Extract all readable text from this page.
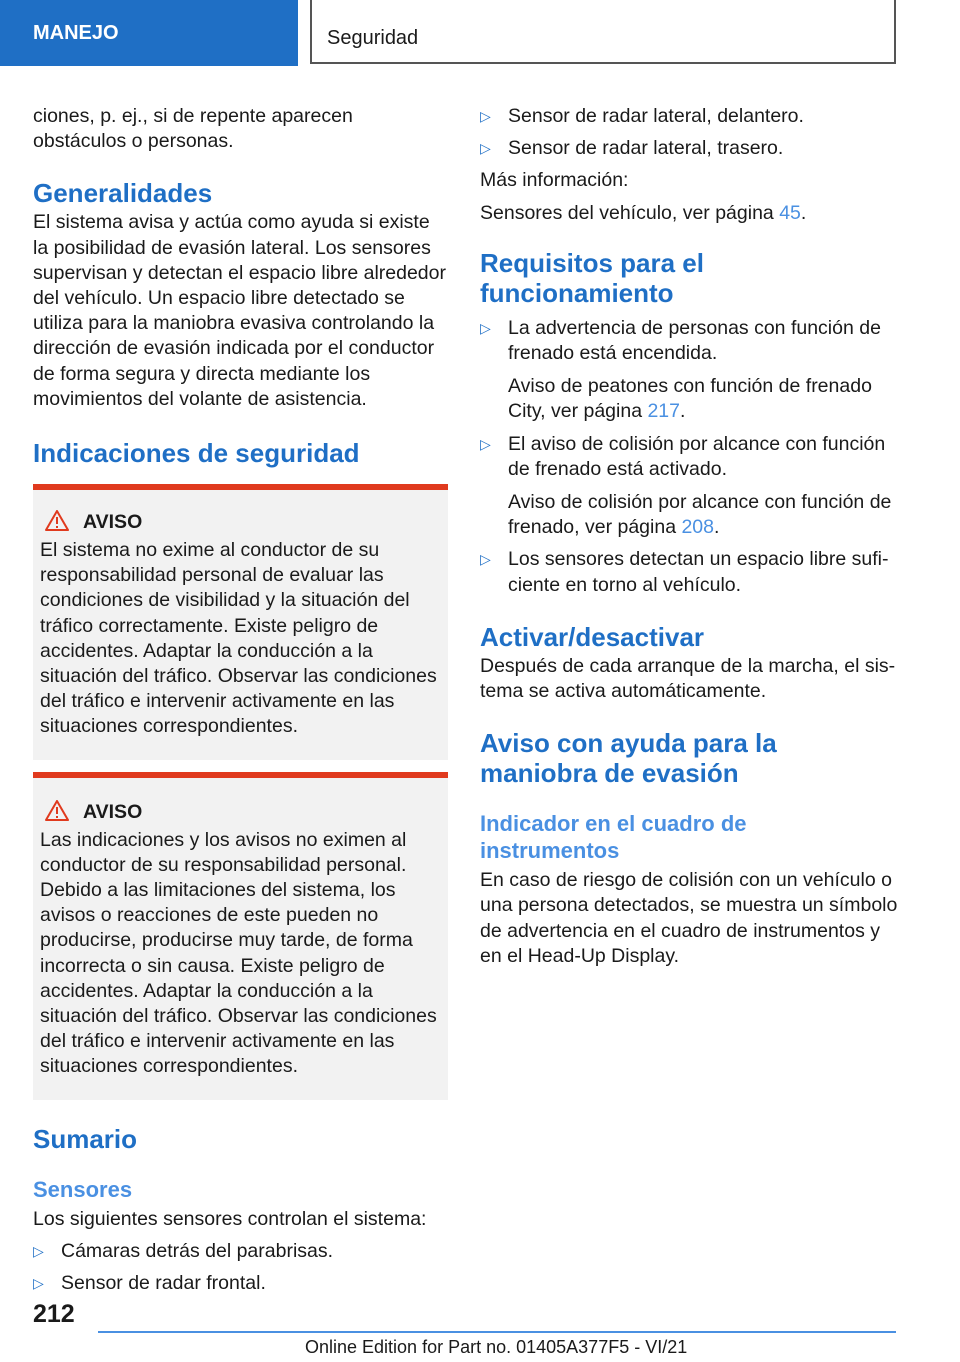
MANEJO	Seguridad

ciones, p. ej., si de repente aparecen obstáculos o personas.

Generalidades

El sistema avisa y actúa como ayuda si existe la posibilidad de evasión lateral. Los sensores supervisan y detectan el espacio libre alrededor del vehículo. Un espacio libre detectado se utiliza para la maniobra evasiva controlando la dirección de evasión indicada por el conductor de forma segura y directa mediante los movimientos del volante de asistencia.

Indicaciones de seguridad
AVISO

El sistema no exime al conductor de su responsabilidad personal de evaluar las condiciones de visibilidad y la situación del tráfico correctamente. Existe peligro de accidentes. Adaptar la conducción a la situación del tráfico. Observar las condiciones del tráfico e intervenir activamente en las situaciones correspondientes.

AVISO

Las indicaciones y los avisos no eximen al conductor de su responsabilidad personal. Debido a las limitaciones del sistema, los avisos o reacciones de este pueden no producirse, producirse muy tarde, de forma incorrecta o sin causa. Existe peligro de accidentes. Adaptar la conducción a la situación del tráfico. Observar las condiciones del tráfico e intervenir activamente en las situaciones correspondientes.

Sumario
Sensores

Los siguientes sensores controlan el sistema:

▷ Cámaras detrás del parabrisas.
▷ Sensor de radar frontal.
▷ Sensor de radar lateral, delantero.
▷ Sensor de radar lateral, trasero.

Más información:

Sensores del vehículo, ver página 45.

Requisitos para el funcionamiento
▷ La advertencia de personas con función de frenado está encendida.
Aviso de peatones con función de frenado City, ver página 217.
▷ El aviso de colisión por alcance con función de frenado está activado.
Aviso de colisión por alcance con función de frenado, ver página 208.
▷ Los sensores detectan un espacio libre suficiente en torno al vehículo.
Activar/desactivar

Después de cada arranque de la marcha, el sistema se activa automáticamente.

Aviso con ayuda para la maniobra de evasión
Indicador en el cuadro de instrumentos

En caso de riesgo de colisión con un vehículo o una persona detectados, se muestra un símbolo de advertencia en el cuadro de instrumentos y en el Head-Up Display.

212
Online Edition for Part no. 01405A377F5 - VI/21
